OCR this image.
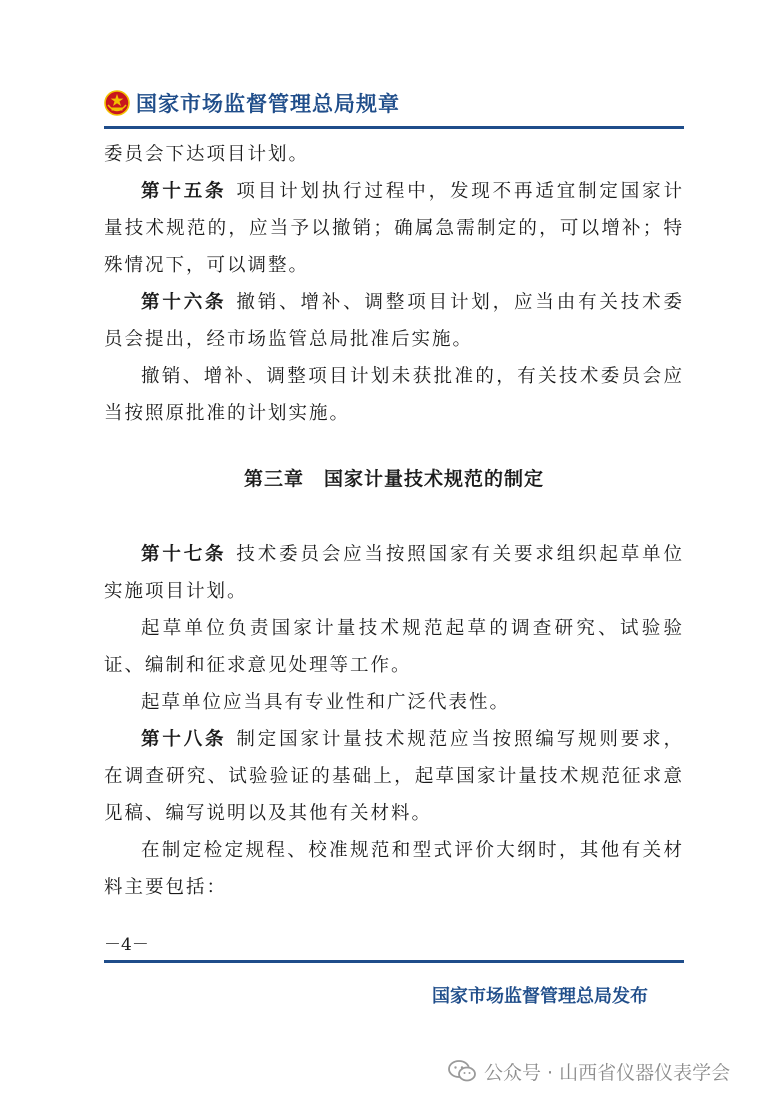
国家市场监督管理总局规章

委员会下达项目计划。

第十五条 项目计划执行过程中，发现不再适宜制定国家计量技术规范的，应当予以撤销；确属急需制定的，可以增补；特殊情况下，可以调整。

第十六条 撤销、增补、调整项目计划，应当由有关技术委员会提出，经市场监管总局批准后实施。

撤销、增补、调整项目计划未获批准的，有关技术委员会应当按照原批准的计划实施。

第三章 国家计量技术规范的制定

第十七条 技术委员会应当按照国家有关要求组织起草单位实施项目计划。

起草单位负责国家计量技术规范起草的调查研究、试验验证、编制和征求意见处理等工作。

起草单位应当具有专业性和广泛代表性。

第十八条 制定国家计量技术规范应当按照编写规则要求，在调查研究、试验验证的基础上，起草国家计量技术规范征求意见稿、编写说明以及其他有关材料。

在制定检定规程、校准规范和型式评价大纲时，其他有关材料主要包括：

－4－
国家市场监督管理总局发布
公众号 · 山西省仪器仪表学会
